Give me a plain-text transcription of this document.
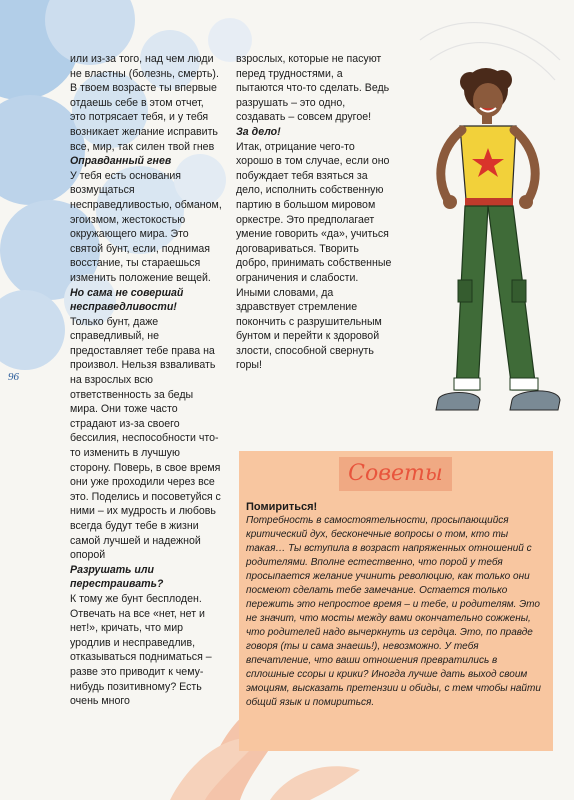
96

или из-за того, над чем люди не властны (болезнь, смерть). В твоем возрасте ты впервые отдаешь себе в этом отчет, это потрясает тебя, и у тебя возникает желание исправить все, мир, так силен твой гнев

Оправданный гнев

У тебя есть основания возмущаться несправедливостью, обманом, эгоизмом, жестокостью окружающего мира. Это святой бунт, если, поднимая восстание, ты стараешься изменить положение вещей.

Но сама не совершай несправедливости!

Только бунт, даже справедливый, не предоставляет тебе права на произвол. Нельзя взваливать на взрослых всю ответственность за беды мира. Они тоже часто страдают из-за своего бессилия, неспособности что-то изменить в лучшую сторону. Поверь, в свое время они уже проходили через все это. Поделись и посоветуйся с ними – их мудрость и любовь всегда будут тебе в жизни самой лучшей и надежной опорой

Разрушать или перестраивать?

К тому же бунт бесплоден. Отвечать на все «нет, нет и нет!», кричать, что мир уродлив и несправедлив, отказываться подниматься – разве это приводит к чему-нибудь позитивному? Есть очень много

взрослых, которые не пасуют перед трудностями, а пытаются что-то сделать. Ведь разрушать – это одно, создавать – совсем другое!

За дело!

Итак, отрицание чего-то хорошо в том случае, если оно побуждает тебя взяться за дело, исполнить собственную партию в большом мировом оркестре. Это предполагает умение говорить «да», учиться договариваться. Творить добро, принимать собственные ограничения и слабости. Иными словами, да здравствует стремление покончить с разрушительным бунтом и перейти к здоровой злости, способной свернуть горы!

Советы

Помириться!

Потребность в самостоятельности, просыпающийся критический дух, бесконечные вопросы о том, кто ты такая… Ты вступила в возраст напряженных отношений с родителями. Вполне естественно, что порой у тебя просыпается желание учинить революцию, как только они посмеют сделать тебе замечание. Остается только пережить это непростое время – и тебе, и родителям. Это не значит, что мосты между вами окончательно сожжены, что родителей надо вычеркнуть из сердца. Это, по правде говоря (ты и сама знаешь!), невозможно. У тебя впечатление, что ваши отношения превратились в сплошные ссоры и крики? Иногда лучше дать выход своим эмоциям, высказать претензии и обиды, с тем чтобы найти общий язык и помириться.
